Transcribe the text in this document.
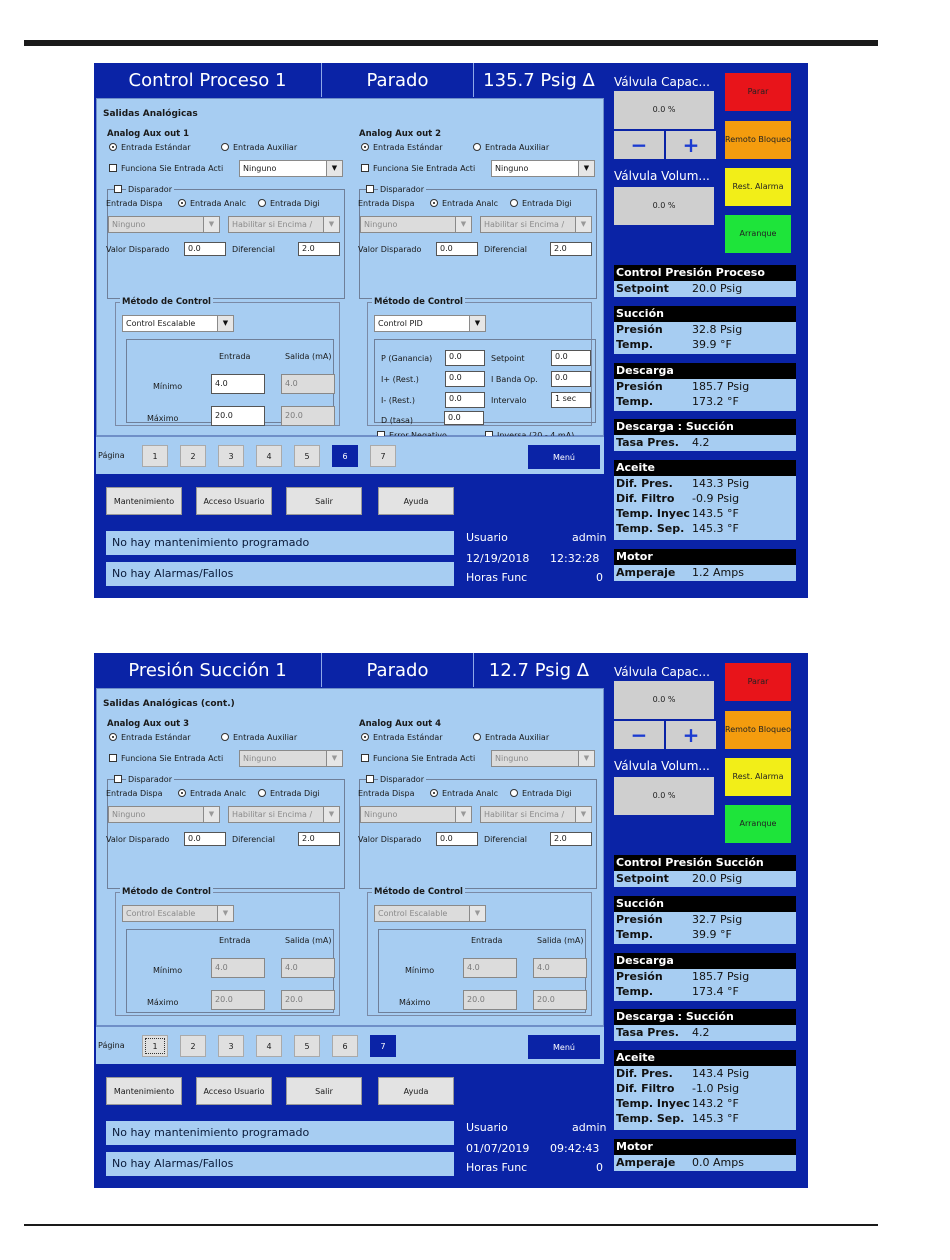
Control Proceso 1	Parado	135.7 Psig Δ
Salidas Analógicas
Analog Aux out 1
Entrada Estándar	Entrada Auxiliar
Funciona Sie Entrada Acti	Ninguno	▼
Disparador
Entrada Dispa	Entrada Analc	Entrada Digi
Ninguno	▼	Habilitar si Encima /	▼
Valor Disparado	0.0	Diferencial	2.0
Método de Control
Control Escalable	▼
Entrada	Salida (mA)
Mínimo	4.0	4.0
Máximo	20.0	20.0
Analog Aux out 2
Entrada Estándar	Entrada Auxiliar
Funciona Sie Entrada Acti	Ninguno	▼
Disparador
Entrada Dispa	Entrada Analc	Entrada Digi
Ninguno	▼	Habilitar si Encima /	▼
Valor Disparado	0.0	Diferencial	2.0
Método de Control
Control PID	▼
P (Ganancia)	0.0	Setpoint	0.0
I+ (Rest.)	0.0	I Banda Op.	0.0
I- (Rest.)	0.0	Intervalo	1 sec
D (tasa)	0.0
Página	1	2	3	4	5	6	7	Menú
Mantenimiento	Acceso Usuario	Salir	Ayuda
No hay mantenimiento programado
No hay Alarmas/Fallos
Usuario	admin
12/19/2018 12:32:28
Horas Func	0
Válvula Capac...
0.0 %
− +
Válvula Volum...
0.0 %
Parar
Remoto Bloqueo
Rest. Alarma
Arranque
Control Presión Proceso
Setpoint 20.0 Psig
Succión
Presión	32.8 Psig
Temp.	39.9 °F
Descarga
Presión	185.7 Psig
Temp.	173.2 °F
Descarga : Succión
Tasa Pres. 4.2
Aceite
Dif. Pres. 143.3 Psig
Dif. Filtro -0.9 Psig
Temp. Inyec 143.5 °F
Temp. Sep. 145.3 °F
Motor
Amperaje 1.2 Amps
Presión Succión 1	Parado	12.7 Psig Δ
Salidas Analógicas (cont.)
Analog Aux out 3
Entrada Estándar	Entrada Auxiliar
Funciona Sie Entrada Acti	Ninguno	▼
Disparador
Entrada Dispa	Entrada Analc	Entrada Digi
Ninguno	▼	Habilitar si Encima /	▼
Valor Disparado	0.0	Diferencial	2.0
Método de Control
Control Escalable	▼
Entrada	Salida (mA)
Mínimo	4.0	4.0
Máximo	20.0	20.0
Analog Aux out 4
Entrada Estándar	Entrada Auxiliar
Funciona Sie Entrada Acti	Ninguno	▼
Disparador
Entrada Dispa	Entrada Analc	Entrada Digi
Ninguno	▼	Habilitar si Encima /	▼
Valor Disparado	0.0	Diferencial	2.0
Método de Control
Control Escalable	▼
Entrada	Salida (mA)
Mínimo	4.0	4.0
Máximo	20.0	20.0
Página	1	2	3	4	5	6	7	Menú
Mantenimiento	Acceso Usuario	Salir	Ayuda
No hay mantenimiento programado
No hay Alarmas/Fallos
Usuario	admin
01/07/2019 09:42:43
Horas Func	0
Válvula Capac...
0.0 %
− +
Válvula Volum...
0.0 %
Parar
Remoto Bloqueo
Rest. Alarma
Arranque
Control Presión Succión
Setpoint 20.0 Psig
Succión
Presión	32.7 Psig
Temp.	39.9 °F
Descarga
Presión	185.7 Psig
Temp.	173.4 °F
Descarga : Succión
Tasa Pres. 4.2
Aceite
Dif. Pres. 143.4 Psig
Dif. Filtro -1.0 Psig
Temp. Inyec 143.2 °F
Temp. Sep. 145.3 °F
Motor
Amperaje 0.0 Amps
